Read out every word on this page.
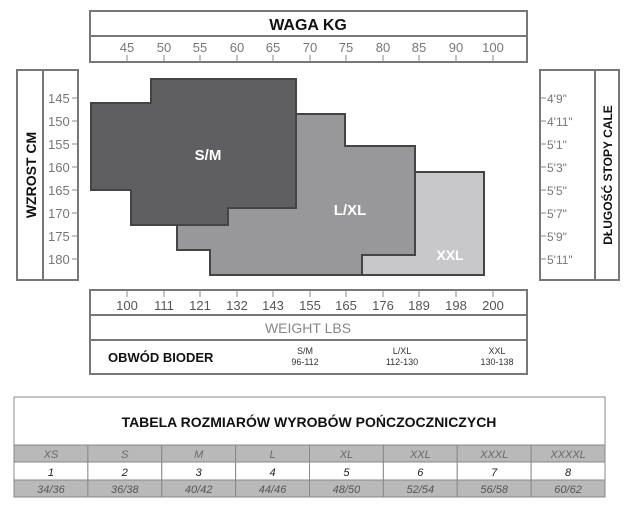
WAGA KG
45 50 55 60 65 70 75 80 85 90 100
WZROST CM
145
150
155
160
165
170
175
180
DŁUGOŚĆ STOPY CALE
4'9"
4'11"
5'1"
5'3"
5'5"
5'7"
5'9"
5'11"
S/M
L/XL
XXL
100 111 121 132 143 155 165 176 189 198 200
WEIGHT LBS
OBWÓD BIODER	S/M
96-112
L/XL
112-130
XXL
130-138
TABELA ROZMIARÓW WYROBÓW POŃCZOCZNICZYCH
XS	S	M	L	XL	XXL	XXXL	XXXXL
1	2	3	4	5	6	7	8
34/36	36/38	40/42	44/46	48/50	52/54	56/58	60/62
